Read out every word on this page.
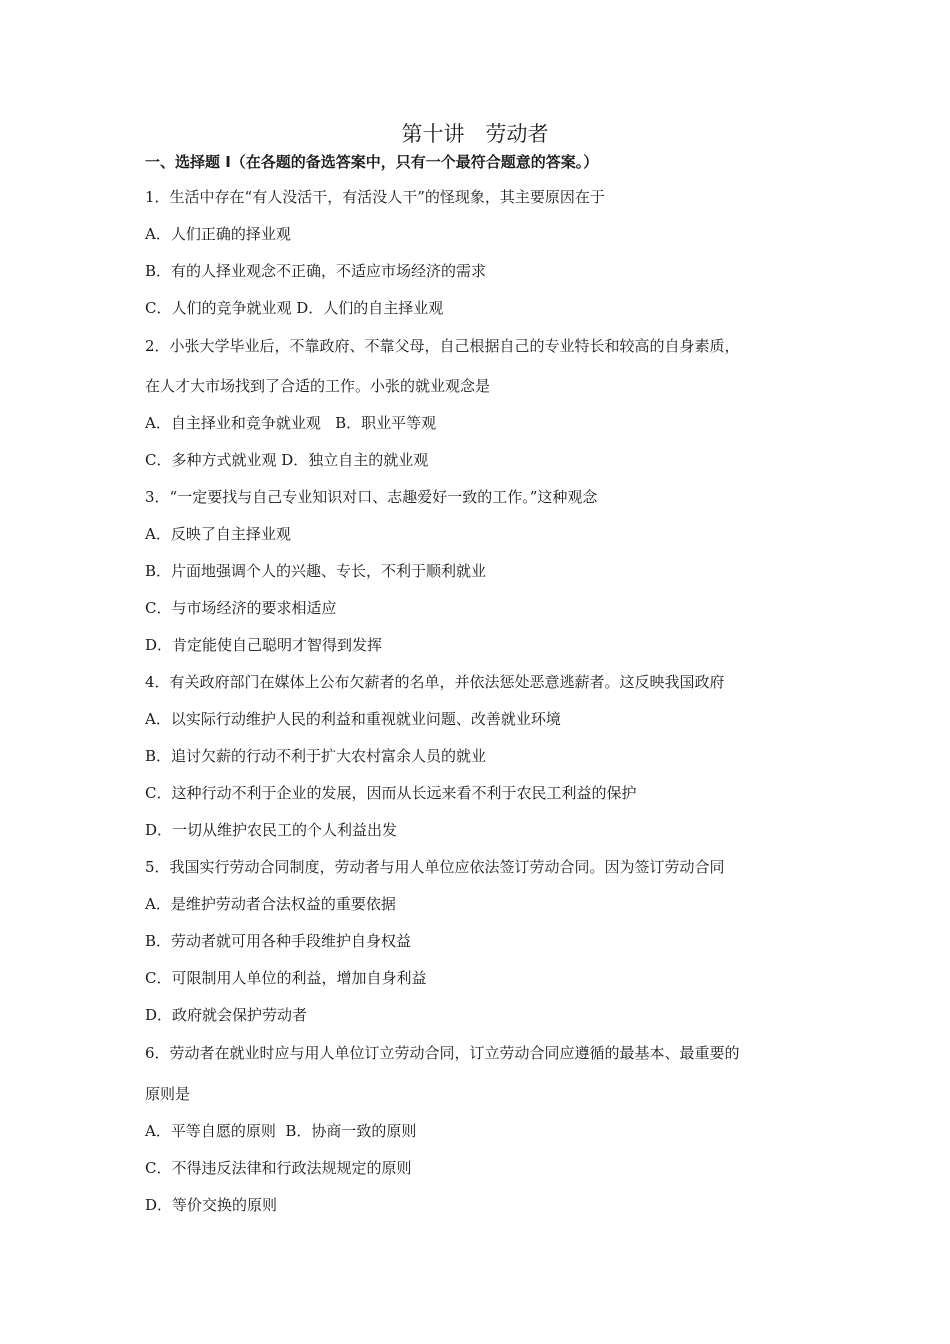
第十讲　劳动者
一、选择题 I（在各题的备选答案中，只有一个最符合题意的答案。）
1．生活中存在“有人没活干，有活没人干”的怪现象，其主要原因在于
A．人们正确的择业观
B．有的人择业观念不正确，不适应市场经济的需求
C．人们的竞争就业观 D．人们的自主择业观
2．小张大学毕业后，不靠政府、不靠父母，自己根据自己的专业特长和较高的自身素质，
在人才大市场找到了合适的工作。小张的就业观念是
A．自主择业和竞争就业观   B．职业平等观
C．多种方式就业观 D．独立自主的就业观
3．“一定要找与自己专业知识对口、志趣爱好一致的工作。”这种观念
A．反映了自主择业观
B．片面地强调个人的兴趣、专长，不利于顺利就业
C．与市场经济的要求相适应
D．肯定能使自己聪明才智得到发挥
4．有关政府部门在媒体上公布欠薪者的名单，并依法惩处恶意逃薪者。这反映我国政府
A．以实际行动维护人民的利益和重视就业问题、改善就业环境
B．追讨欠薪的行动不利于扩大农村富余人员的就业
C．这种行动不利于企业的发展，因而从长远来看不利于农民工利益的保护
D．一切从维护农民工的个人利益出发
5．我国实行劳动合同制度，劳动者与用人单位应依法签订劳动合同。因为签订劳动合同
A．是维护劳动者合法权益的重要依据
B．劳动者就可用各种手段维护自身权益
C．可限制用人单位的利益，增加自身利益
D．政府就会保护劳动者
6．劳动者在就业时应与用人单位订立劳动合同，订立劳动合同应遵循的最基本、最重要的
原则是
A．平等自愿的原则  B．协商一致的原则
C．不得违反法律和行政法规规定的原则
D．等价交换的原则
